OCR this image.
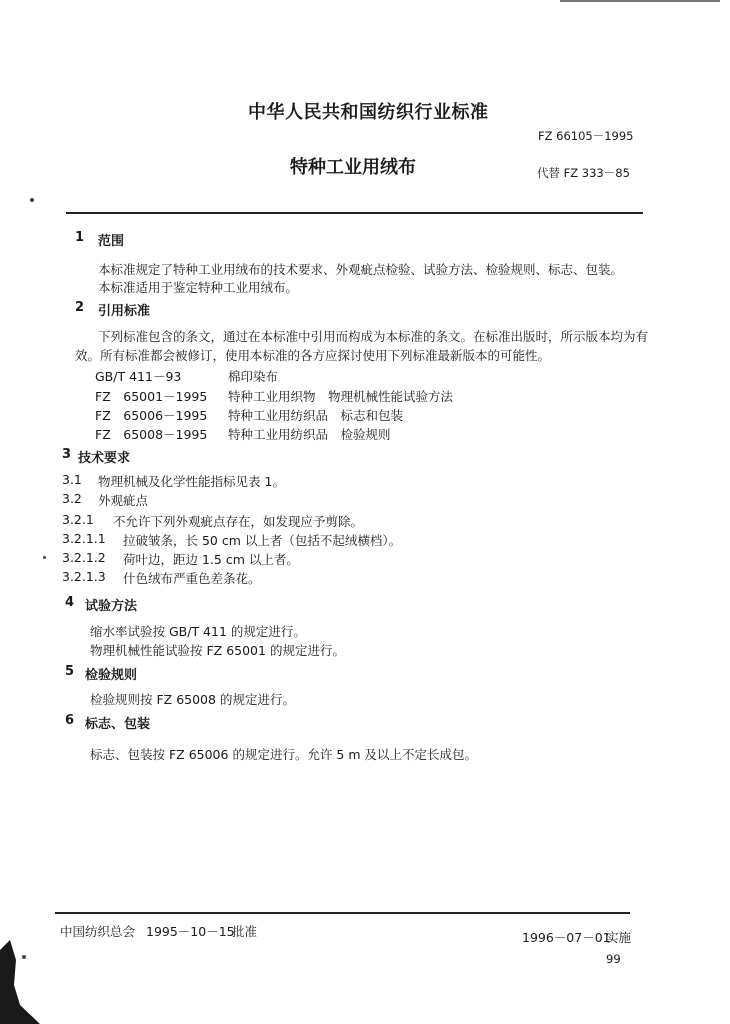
中华人民共和国纺织行业标准
FZ 66105－1995
特种工业用绒布	代替 FZ 333－85
1 范围
本标准规定了特种工业用绒布的技术要求、外观疵点检验、试验方法、检验规则、标志、包装。
本标准适用于鉴定特种工业用绒布。
2 引用标准
下列标准包含的条文，通过在本标准中引用而构成为本标准的条文。在标准出版时，所示版本均为有
效。所有标准都会被修订，使用本标准的各方应探讨使用下列标准最新版本的可能性。
GB/T 411－93	棉印染布
FZ　65001－1995 特种工业用织物　物理机械性能试验方法
FZ　65006－1995 特种工业用纺织品　标志和包装
FZ　65008－1995 特种工业用纺织品　检验规则
3 技术要求
3.1 物理机械及化学性能指标见表 1。
3.2 外观疵点
3.2.1 不允许下列外观疵点存在，如发现应予剪除。
3.2.1.1 拉破皱条，长 50 cm 以上者（包括不起绒横档）。
3.2.1.2 荷叶边，距边 1.5 cm 以上者。
3.2.1.3 什色绒布严重色差条花。
4 试验方法
缩水率试验按 GB/T 411 的规定进行。
物理机械性能试验按 FZ 65001 的规定进行。
5 检验规则
检验规则按 FZ 65008 的规定进行。
6 标志、包装
标志、包装按 FZ 65006 的规定进行。允许 5 m 及以上不定长成包。
中国纺织总会 1995－10－15
批准	1996－07－01
实施
99
